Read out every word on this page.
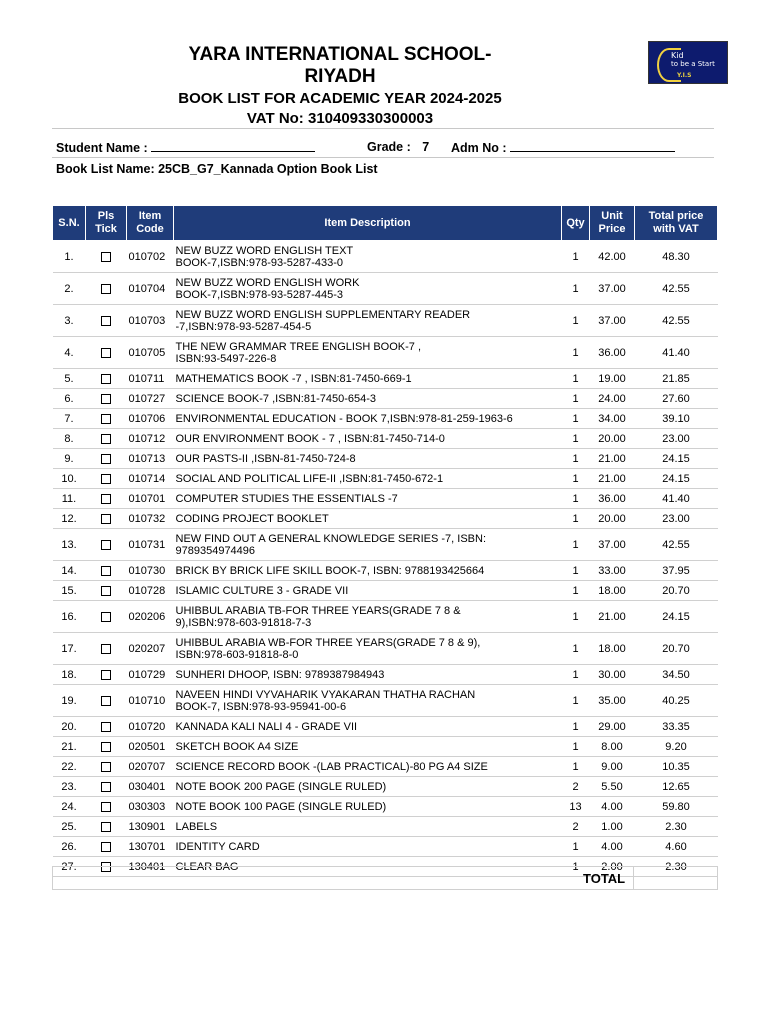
YARA INTERNATIONAL SCHOOL-
RIYADH
BOOK LIST FOR ACADEMIC YEAR 2024-2025
VAT No: 310409330300003
Kid
to be a Start
Y.I.S
Student Name :	Grade : 7 Adm No :
Book List Name: 25CB_G7_Kannada Option Book List
S.N.	Pls
Tick	Item
Code	Item Description	Qty	Unit
Price	Total price
with VAT
1.		010702	NEW BUZZ WORD ENGLISH TEXT
BOOK-7,ISBN:978-93-5287-433-0	1	42.00	48.30
2.		010704	NEW BUZZ WORD ENGLISH WORK
BOOK-7,ISBN:978-93-5287-445-3	1	37.00	42.55
3.		010703	NEW BUZZ WORD ENGLISH SUPPLEMENTARY READER
-7,ISBN:978-93-5287-454-5	1	37.00	42.55
4.		010705	THE NEW GRAMMAR TREE ENGLISH BOOK-7 ,
ISBN:93-5497-226-8	1	36.00	41.40
5.		010711	MATHEMATICS BOOK -7 , ISBN:81-7450-669-1	1	19.00	21.85
6.		010727	SCIENCE BOOK-7 ,ISBN:81-7450-654-3	1	24.00	27.60
7.		010706	ENVIRONMENTAL EDUCATION - BOOK 7,ISBN:978-81-259-1963-6	1	34.00	39.10
8.		010712	OUR ENVIRONMENT BOOK - 7 , ISBN:81-7450-714-0	1	20.00	23.00
9.		010713	OUR PASTS-II ,ISBN-81-7450-724-8	1	21.00	24.15
10.		010714	SOCIAL AND POLITICAL LIFE-II ,ISBN:81-7450-672-1	1	21.00	24.15
11.		010701	COMPUTER STUDIES THE ESSENTIALS -7	1	36.00	41.40
12.		010732	CODING PROJECT BOOKLET	1	20.00	23.00
13.		010731	NEW FIND OUT A GENERAL KNOWLEDGE SERIES -7, ISBN:
9789354974496	1	37.00	42.55
14.		010730	BRICK BY BRICK LIFE SKILL BOOK-7, ISBN: 9788193425664	1	33.00	37.95
15.		010728	ISLAMIC CULTURE 3 - GRADE VII	1	18.00	20.70
16.		020206	UHIBBUL ARABIA TB-FOR THREE YEARS(GRADE 7 8 &
9),ISBN:978-603-91818-7-3	1	21.00	24.15
17.		020207	UHIBBUL ARABIA WB-FOR THREE YEARS(GRADE 7 8 & 9),
ISBN:978-603-91818-8-0	1	18.00	20.70
18.		010729	SUNHERI DHOOP, ISBN: 9789387984943	1	30.00	34.50
19.		010710	NAVEEN HINDI VYVAHARIK VYAKARAN THATHA RACHAN
BOOK-7, ISBN:978-93-95941-00-6	1	35.00	40.25
20.		010720	KANNADA KALI NALI 4 - GRADE VII	1	29.00	33.35
21.		020501	SKETCH BOOK A4 SIZE	1	8.00	9.20
22.		020707	SCIENCE RECORD BOOK -(LAB PRACTICAL)-80 PG A4 SIZE	1	9.00	10.35
23.		030401	NOTE BOOK 200 PAGE (SINGLE RULED)	2	5.50	12.65
24.		030303	NOTE BOOK 100 PAGE (SINGLE RULED)	13	4.00	59.80
25.		130901	LABELS	2	1.00	2.30
26.		130701	IDENTITY CARD	1	4.00	4.60
27.		130401	CLEAR BAG	1	2.00	2.30
TOTAL
